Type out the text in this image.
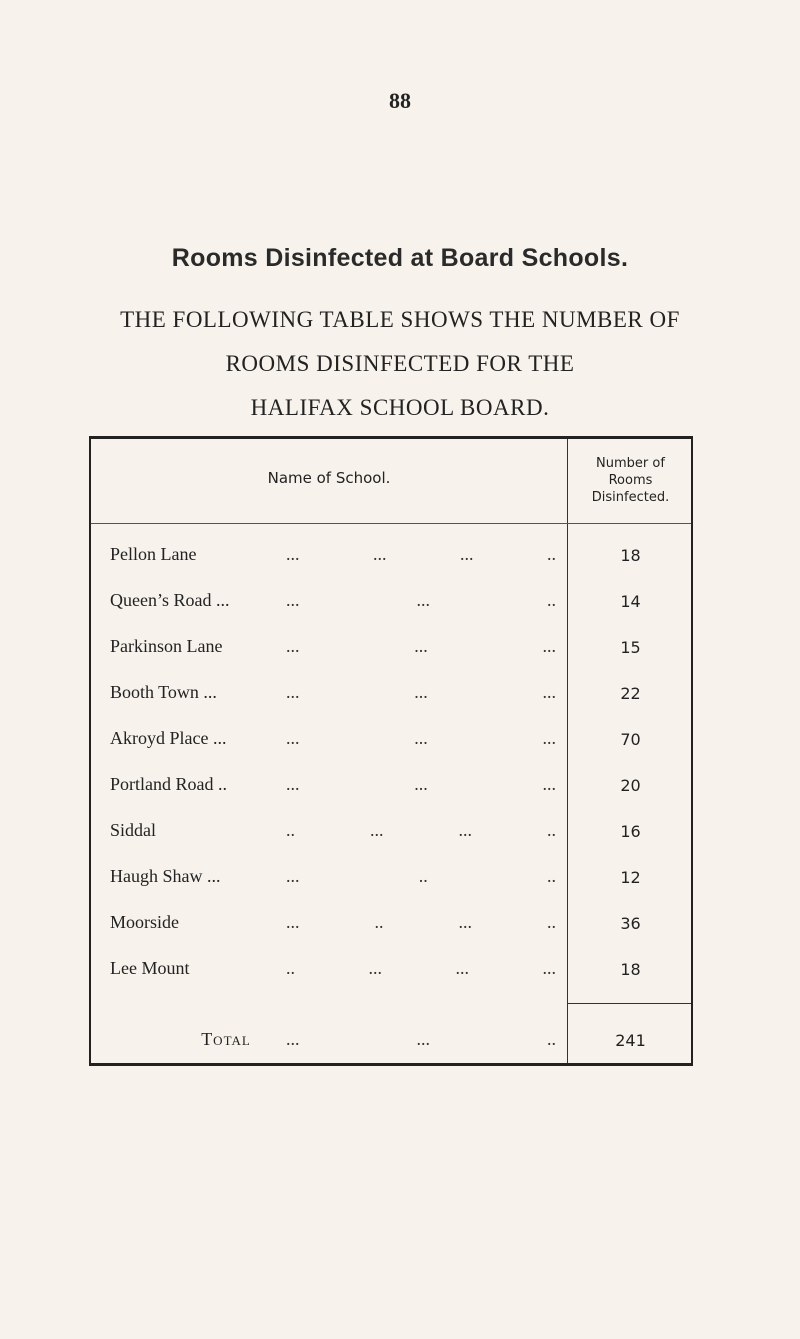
88
Rooms Disinfected at Board Schools.
THE FOLLOWING TABLE SHOWS THE NUMBER OF
ROOMS DISINFECTED FOR THE
HALIFAX SCHOOL BOARD.
Name of School.
Number of
Rooms
Disinfected.
Pellon Lane	...	...	...	..	18
Queen’s Road ...	...	...	..	14
Parkinson Lane	...	...	...	15
Booth Town ...	...	...	...	22
Akroyd Place ...	...	...	...	70
Portland Road ..	...	...	...	20
Siddal	..	...	...	..	16
Haugh Shaw ...	...	..	..	12
Moorside	...	..	...	..	36
Lee Mount	..	...	...	...	18
Total	...	...	..	241
